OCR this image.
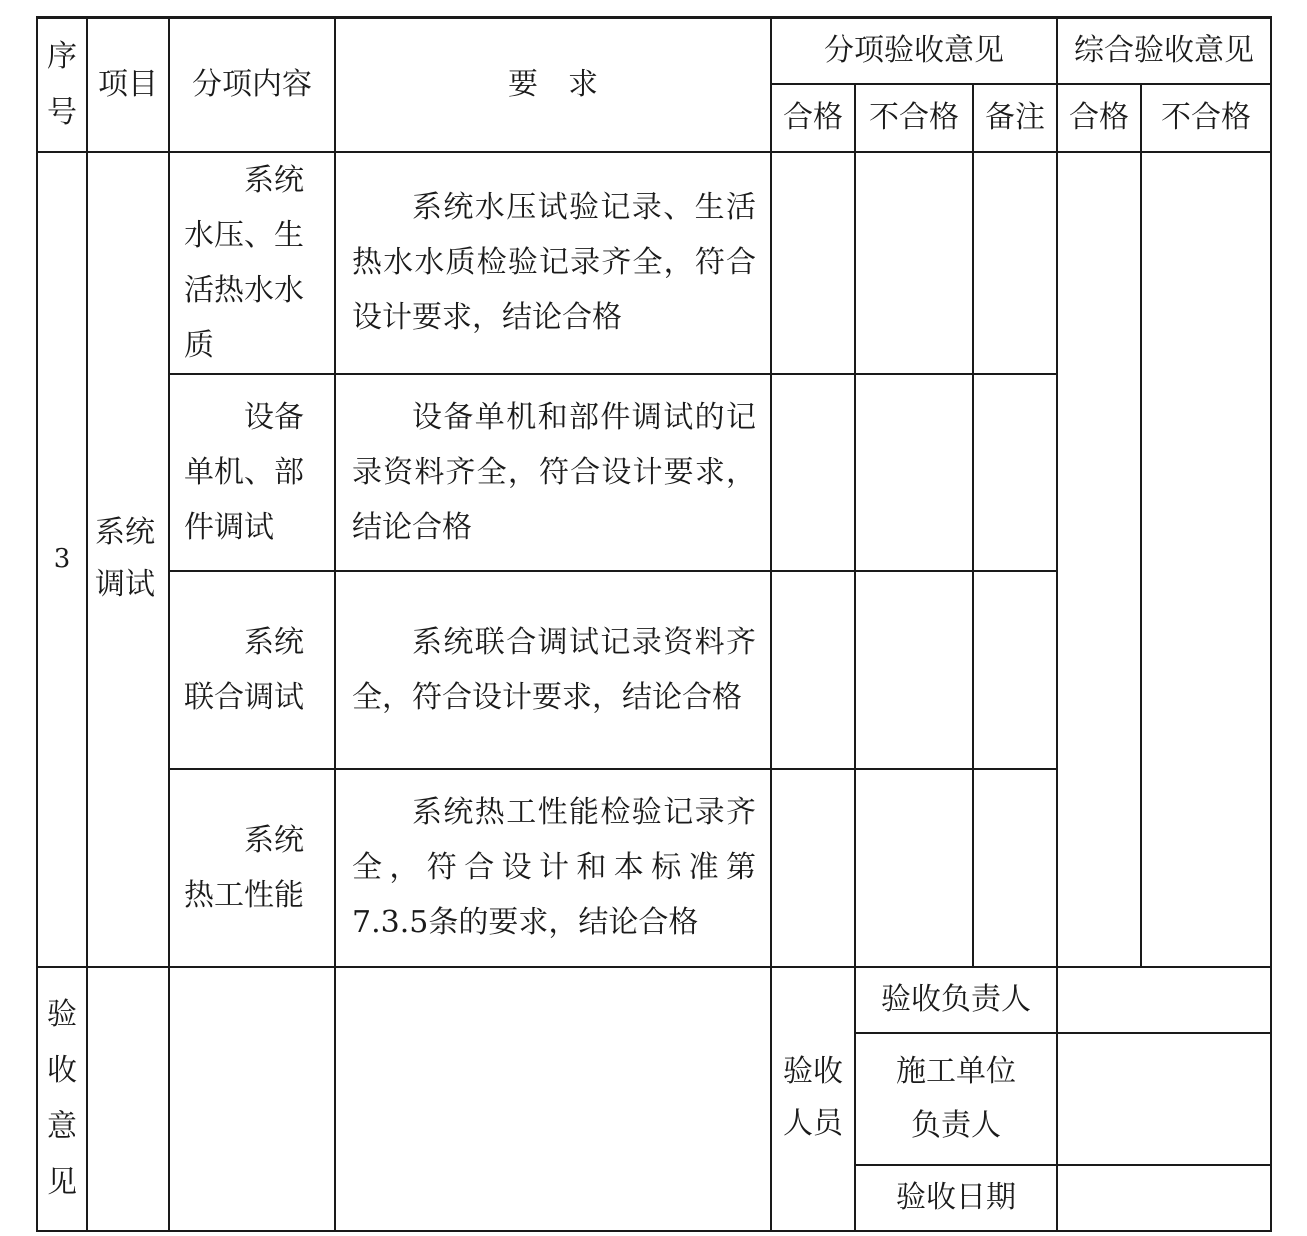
序号	项目	分项内容	要　求	分项验收意见			综合验收意见	
				合格	不合格	备注	合格	不合格
3	系统调试	系统水压、生活热水水质	系统水压试验记录、生活热水水质检验记录齐全，符合设计要求，结论合格					

		设备单机、部件调试	设备单机和部件调试的记录资料齐全，符合设计要求，结论合格					

		系统联合调试	系统联合调试记录资料齐全，符合设计要求，结论合格					

		系统热工性能	系统热工性能检验记录齐全，符合设计和本标准第7.3.5条的要求，结论合格					

验收意见				验收人员	验收负责人			
					施工单位负责人			
					验收日期			
